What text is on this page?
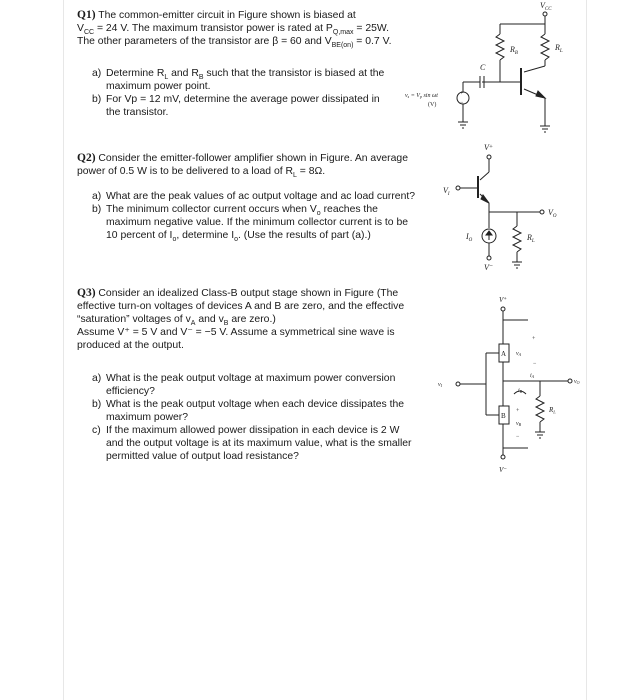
Q1) The common-emitter circuit in Figure shown is biased at
$V_{CC} = 24$ V. The maximum transistor power is rated at $P_{Q,max} = 25W$.
The other parameters of the transistor are β = 60 and $V_{BE(on)} = 0.7$ V.
a) Determine $R_L$ and $R_B$ such that the transistor is biased at the
maximum power point.
b) For Vp = 12 mV, determine the average power dissipated in
the transistor.
Q2) Consider the emitter-follower amplifier shown in Figure. An average
power of 0.5 W is to be delivered to a load of $R_L = 8\Omega$.
a) What are the peak values of ac output voltage and ac load current?
b) The minimum collector current occurs when $V_o$ reaches the
maximum negative value. If the minimum collector current is to be
10 percent of $I_o$, determine $I_o$. (Use the results of part (a).)
Q3) Consider an idealized Class-B output stage shown in Figure (The
effective turn-on voltages of devices A and B are zero, and the effective
“saturation” voltages of $v_A$ and $v_B$ are zero.)
Assume V⁺ = 5 V and V⁻ = −5 V. Assume a symmetrical sine wave is
produced at the output.
a) What is the peak output voltage at maximum power conversion
efficiency?
b) What is the peak output voltage when each device dissipates the
maximum power?
c) If the maximum allowed power dissipation in each device is 2 W
and the output voltage is at its maximum value, what is the smaller
permitted value of output load resistance?
$V_{CC}$
$R_B$
$R_L$
C
+
−
vs = Vp sin ωt
(V)
V⁺
$V_I$
$V_O$
$I_O$
V⁻
$R_L$
V⁺
+
A vA
−
vI
vO
iA
iB
+
B
vB
−
V⁻
$R_L$
